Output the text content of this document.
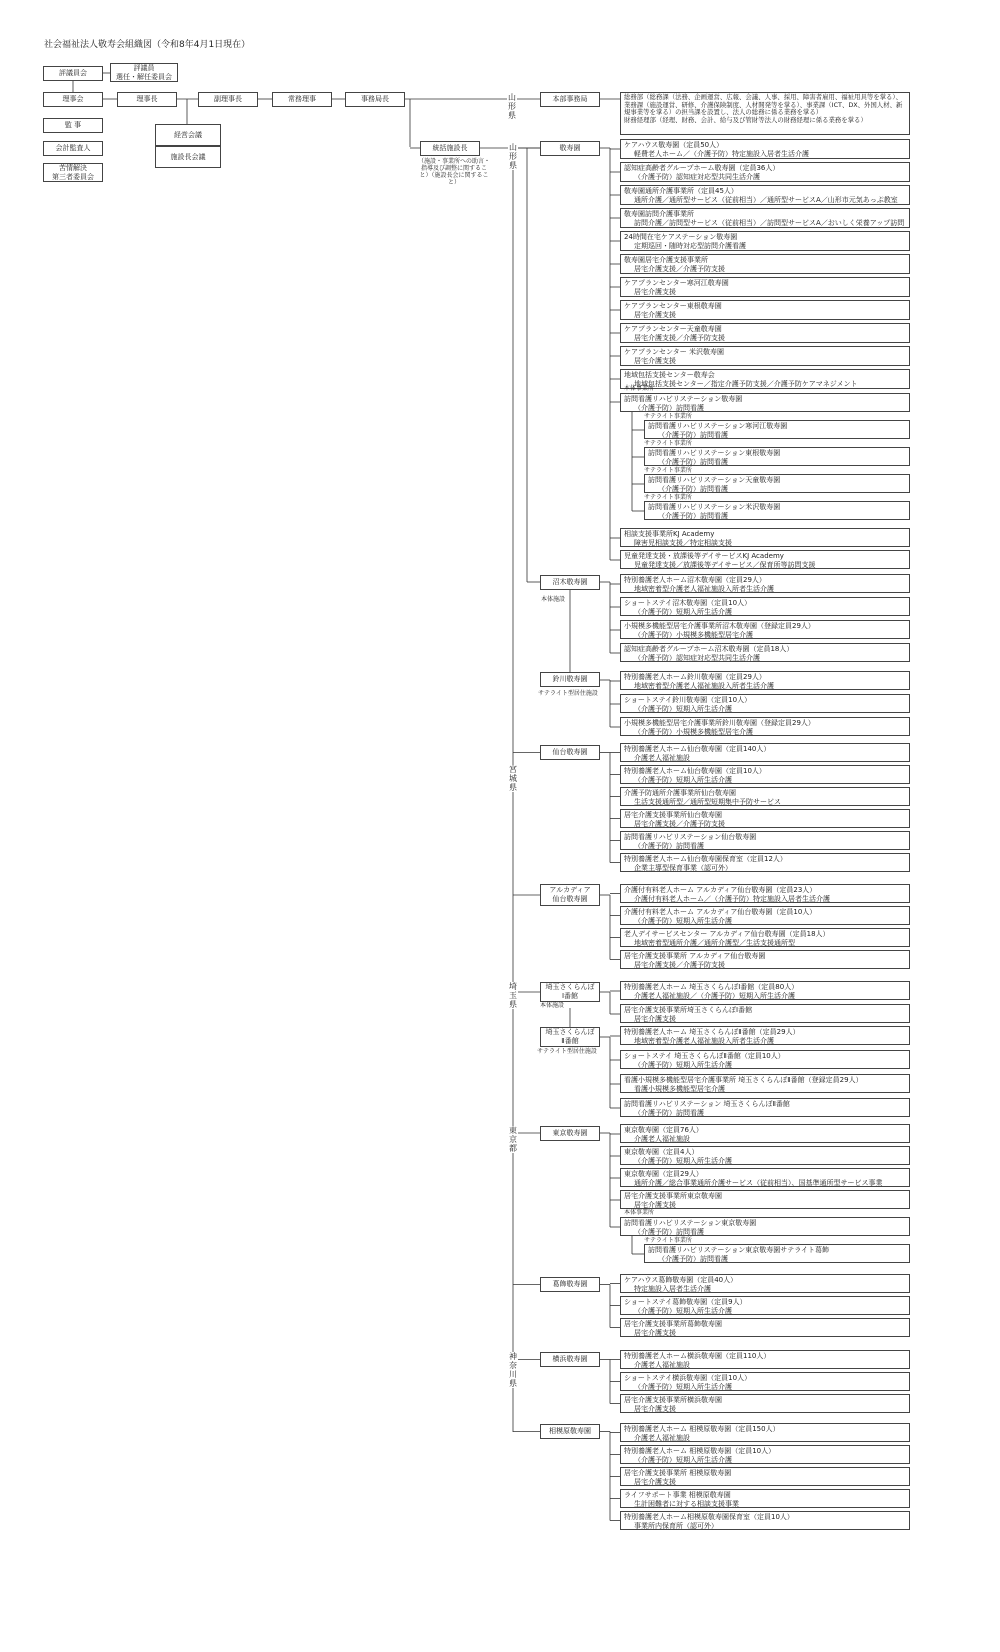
社会福祉法人敬寿会組織図（令和8年4月1日現在）
評議員会
評議員
選任・解任委員会
理事会
監 事
会計監査人
苦情解決
第三者委員会
理事長	副理事長	常務理事	事務局長
経営会議
施設長会議
山形県
本部事務局	総務部（総務課（法務、企画運営、広報、会議、人事、採用、障害者雇用、福祉用具等を掌る）、業務課（施設運営、研修、介護保険制度、人材開発等を掌る）、事業課（ICT、DX、外国人材、新規事業等を掌る）の担当課を設置し、法人の総務に係る業務を掌る）
財務経理部（経理、財務、会計、給与及び管財等法人の財務経理に係る業務を掌る）
統括施設長
（施設・事業所への助言・指導及び調整に関すること）（施設長会に関すること）
敬寿園	ケアハウス敬寿園（定員50人）
軽費老人ホーム／（介護予防）特定施設入居者生活介護
認知症高齢者グループホーム敬寿園（定員36人）
（介護予防）認知症対応型共同生活介護
敬寿園通所介護事業所（定員45人）
通所介護／通所型サービス（従前相当）／通所型サービスA／山形市元気あっぷ教室
敬寿園訪問介護事業所
訪問介護／訪問型サービス（従前相当）／訪問型サービスA／おいしく栄養アップ訪問
24時間在宅ケアステーション敬寿園
定期巡回・随時対応型訪問介護看護
敬寿園居宅介護支援事業所
居宅介護支援／介護予防支援
ケアプランセンター寒河江敬寿園
居宅介護支援
ケアプランセンター東根敬寿園
居宅介護支援
ケアプランセンター天童敬寿園
居宅介護支援／介護予防支援
ケアプランセンター 米沢敬寿園
居宅介護支援
地域包括支援センター敬寿会
地域包括支援センター／指定介護予防支援／介護予防ケアマネジメント
本体事業所
訪問看護リハビリステーション敬寿園
（介護予防）訪問看護
サテライト事業所
訪問看護リハビリステーション寒河江敬寿園
（介護予防）訪問看護
サテライト事業所
訪問看護リハビリステーション東根敬寿園
（介護予防）訪問看護
サテライト事業所
訪問看護リハビリステーション天童敬寿園
（介護予防）訪問看護
サテライト事業所
訪問看護リハビリステーション米沢敬寿園
（介護予防）訪問看護
相談支援事業所KJ Academy
障害児相談支援／特定相談支援
児童発達支援・放課後等デイサービスKJ Academy
児童発達支援／放課後等デイサービス／保育所等訪問支援
沼木敬寿園
本体施設
特別養護老人ホーム沼木敬寿園（定員29人）
地域密着型介護老人福祉施設入所者生活介護
ショートステイ沼木敬寿園（定員10人）
（介護予防）短期入所生活介護
小規模多機能型居宅介護事業所沼木敬寿園（登録定員29人）
（介護予防）小規模多機能型居宅介護
認知症高齢者グループホーム沼木敬寿園（定員18人）
（介護予防）認知症対応型共同生活介護
鈴川敬寿園
サテライト型居住施設
特別養護老人ホーム鈴川敬寿園（定員29人）
地域密着型介護老人福祉施設入所者生活介護
ショートステイ鈴川敬寿園（定員10人）
（介護予防）短期入所生活介護
小規模多機能型居宅介護事業所鈴川敬寿園（登録定員29人）
（介護予防）小規模多機能型居宅介護
仙台敬寿園	特別養護老人ホーム仙台敬寿園（定員140人）
介護老人福祉施設
特別養護老人ホーム仙台敬寿園（定員10人）
（介護予防）短期入所生活介護
介護予防通所介護事業所仙台敬寿園
生活支援通所型／通所型短期集中予防サービス
居宅介護支援事業所仙台敬寿園
居宅介護支援／介護予防支援
訪問看護リハビリステーション仙台敬寿園
（介護予防）訪問看護
特別養護老人ホーム仙台敬寿園保育室（定員12人）
企業主導型保育事業（認可外）
アルカディア
仙台敬寿園
介護付有料老人ホーム アルカディア仙台敬寿園（定員23人）
介護付有料老人ホーム／（介護予防）特定施設入居者生活介護
介護付有料老人ホーム アルカディア仙台敬寿園（定員10人）
（介護予防）短期入所生活介護
老人デイサービスセンター アルカディア仙台敬寿園（定員18人）
地域密着型通所介護／通所介護型／生活支援通所型
居宅介護支援事業所 アルカディア仙台敬寿園
居宅介護支援／介護予防支援
埼玉さくらんぼ
Ⅰ番館
本体施設
特別養護老人ホーム 埼玉さくらんぼⅠ番館（定員80人）
介護老人福祉施設／（介護予防）短期入所生活介護
居宅介護支援事業所埼玉さくらんぼⅠ番館
居宅介護支援
埼玉さくらんぼ
Ⅱ番館
サテライト型居住施設
特別養護老人ホーム 埼玉さくらんぼⅡ番館（定員29人）
地域密着型介護老人福祉施設入所者生活介護
ショートステイ 埼玉さくらんぼⅡ番館（定員10人）
（介護予防）短期入所生活介護
看護小規模多機能型居宅介護事業所 埼玉さくらんぼⅡ番館（登録定員29人）
看護小規模多機能型居宅介護
訪問看護リハビリステーション 埼玉さくらんぼⅡ番館
（介護予防）訪問看護
東京敬寿園	東京敬寿園（定員76人）
介護老人福祉施設
東京敬寿園（定員4人）
（介護予防）短期入所生活介護
東京敬寿園（定員29人）
通所介護／総合事業通所介護サービス（従前相当）、国基準通所型サービス事業
居宅介護支援事業所東京敬寿園
居宅介護支援
本体事業所
訪問看護リハビリステーション東京敬寿園
（介護予防）訪問看護
サテライト事業所
訪問看護リハビリステーション東京敬寿園サテライト葛飾
（介護予防）訪問看護
葛飾敬寿園	ケアハウス葛飾敬寿園（定員40人）
特定施設入居者生活介護
ショートステイ葛飾敬寿園（定員9人）
（介護予防）短期入所生活介護
居宅介護支援事業所葛飾敬寿園
居宅介護支援
横浜敬寿園	特別養護老人ホーム横浜敬寿園（定員110人）
介護老人福祉施設
ショートステイ横浜敬寿園（定員10人）
（介護予防）短期入所生活介護
居宅介護支援事業所横浜敬寿園
居宅介護支援
相模原敬寿園	特別養護老人ホーム 相模原敬寿園（定員150人）
介護老人福祉施設
特別養護老人ホーム 相模原敬寿園（定員10人）
（介護予防）短期入所生活介護
居宅介護支援事業所 相模原敬寿園
居宅介護支援
ライフサポート事業 相模原敬寿園
生計困難者に対する相談支援事業
特別養護老人ホーム相模原敬寿園保育室（定員10人）
事業所内保育所（認可外）
山形県
宮城県
埼玉県
東京都
神奈川県
